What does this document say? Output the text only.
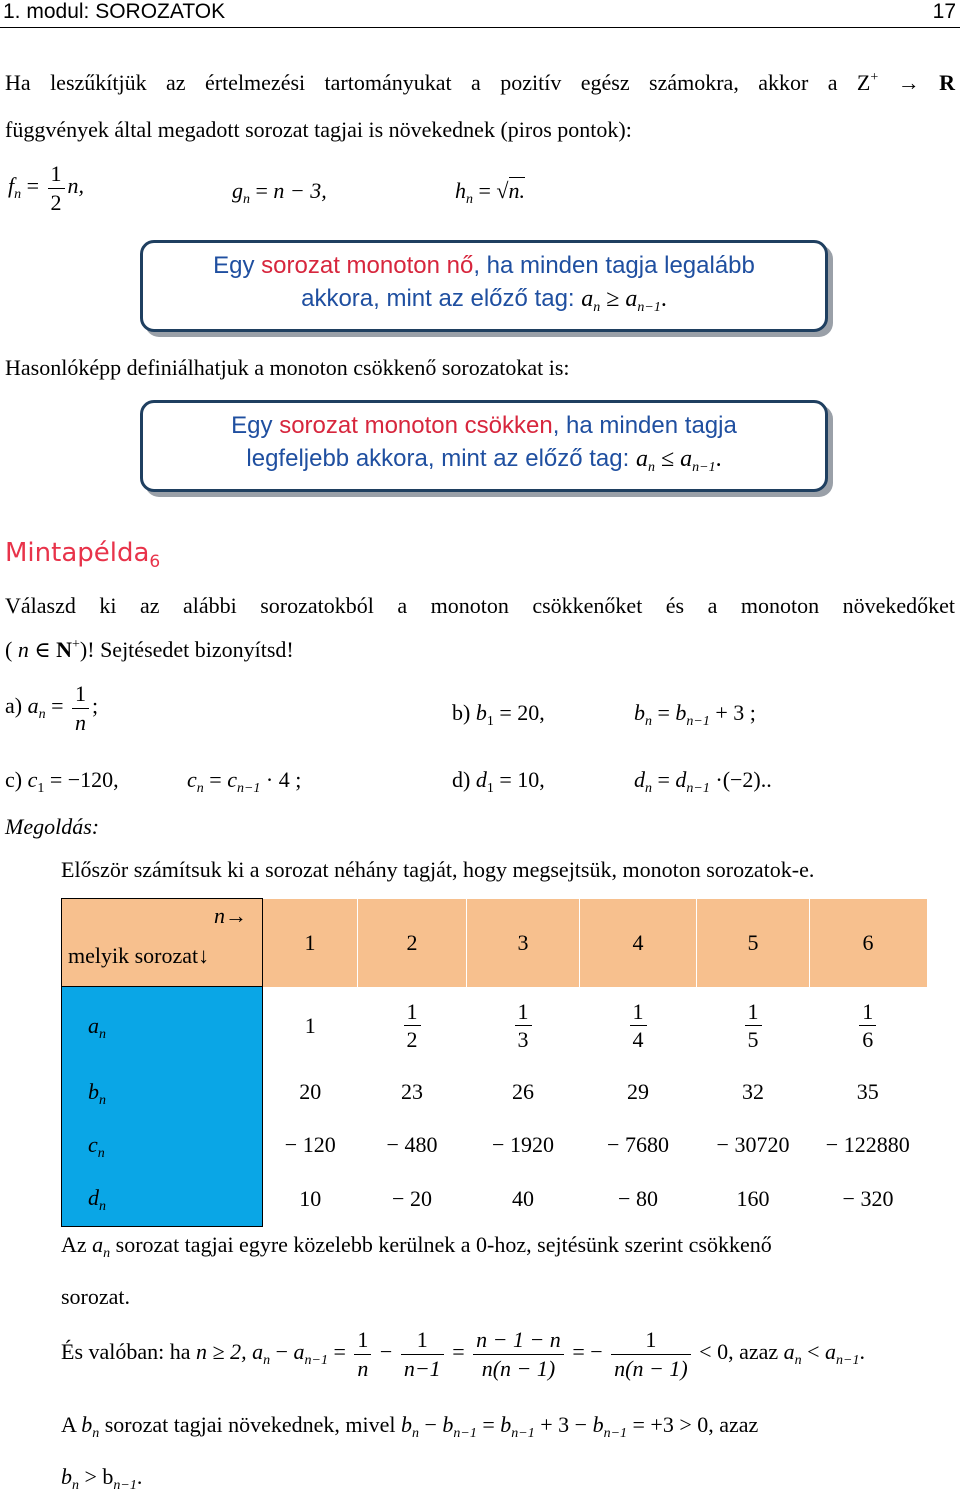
1. modul: SOROZATOK	17
Ha leszűkítjük az értelmezési tartományukat a pozitív egész számokra, akkor a Z+ → R
függvények által megadott sorozat tagjai is növekednek (piros pontok):
$f_n = \frac{1}{2} n$,	$g_n = n - 3$,	$h_n = √n$.
Egy sorozat monoton nő, ha minden tagja legalább
akkora, mint az előző tag: $a_n \ge a_{n-1}$.
Hasonlóképp definiálhatjuk a monoton csökkenő sorozatokat is:
Egy sorozat monoton csökken, ha minden tagja
legfeljebb akkora, mint az előző tag: $a_n \le a_{n-1}$.
Mintapélda$_6$
Válaszd ki az alábbi sorozatokból a monoton csökkenőket és a monoton növekedőket
( n ∈ N+)! Sejtésedet bizonyítsd!
a) $a_n = \frac{1}{n}$ ;	b) $b_1 = 20$,	$b_n = b_{n-1} + 3$ ;
c) $c_1 = -120$,	$c_n = c_{n-1} \cdot 4$ ;	d) $d_1 = 10$,	$d_n = d_{n-1} \cdot(-2)$..
Megoldás:
Először számítsuk ki a sorozat néhány tagját, hogy megsejtsük, monoton sorozatok-e.
n→
melyik sorozat↓	1	2	3	4	5	6
$a_n$	1	$\frac{1}{2}$	$\frac{1}{3}$	$\frac{1}{4}$	$\frac{1}{5}$	$\frac{1}{6}$

$b_n$	20	23	26	29	32	35
$c_n$	− 120	− 480	− 1920	− 7680	− 30720	− 122880
$d_n$	10	− 20	40	− 80	160	− 320
Az $a_n$ sorozat tagjai egyre közelebb kerülnek a 0-hoz, sejtésünk szerint csökkenő
sorozat.
És valóban: ha n ≥ 2, $a_n - a_{n-1} = \frac{1}{n} - \frac{1}{n-1} = \frac{n - 1 - n}{n(n - 1)}$ = − $\frac{1}{n(n - 1)} < 0$, azaz $a_n < a_{n-1}$.
A $b_n$ sorozat tagjai növekednek, mivel $b_n - b_{n-1} = b_{n-1} + 3 - b_{n-1} = +3 > 0$, azaz
$b_n > b_{n-1}$.
